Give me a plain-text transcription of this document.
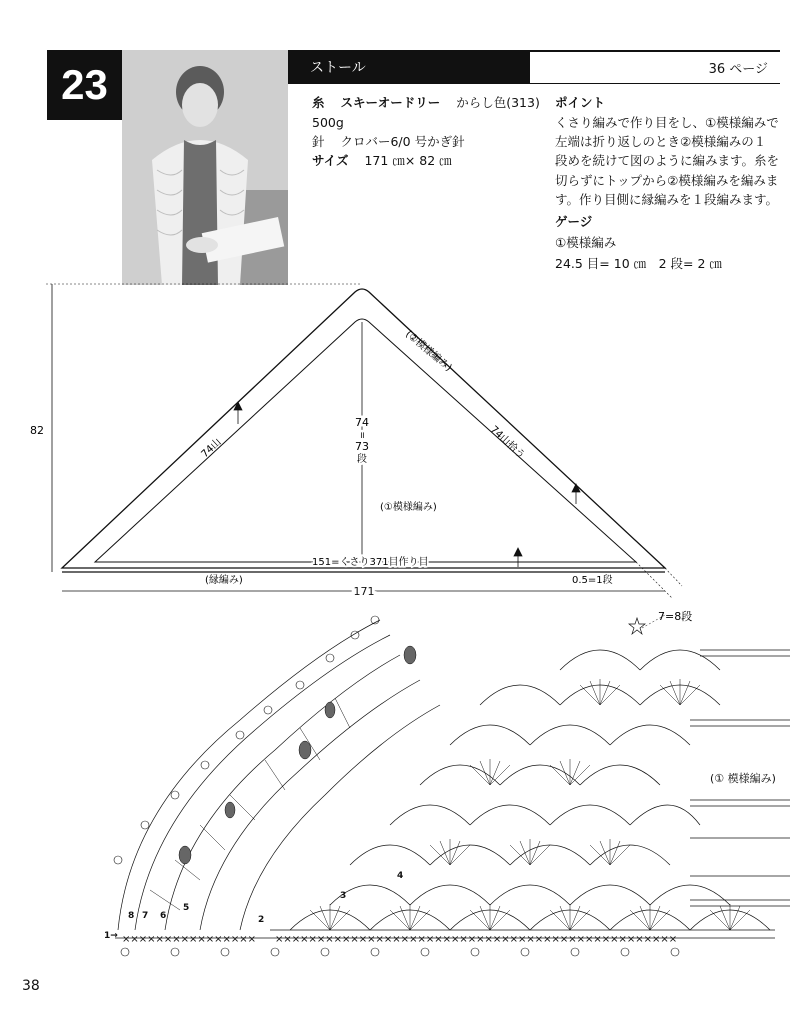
23	ストール	36 ページ
糸 スキーオードリー からし色(313)
500g
針 クロバー6/0 号かぎ針
サイズ 171 ㎝× 82 ㎝
ポイント
くさり編みで作り目をし、①模様編みで
左端は折り返しのとき②模様編みの１
段めを続けて図のように編みます。糸を
切らずにトップから②模様編みを編みま
す。作り目側に縁編みを１段編みます。
ゲージ
①模様編み
24.5 目= 10 ㎝　2 段= 2 ㎝
82
171
74
॥
73
段
74山	74山拾う
(②模様編み)
(①模様編み)
151=くさり371目作り目
(縁編み)	0.5=1段
7=8段
×××××××××××××××× ××××××××××××××××××××××××××××××××××××××××××××××××
8 7 6
5
4
3
2
1→
(① 模様編み)
38
